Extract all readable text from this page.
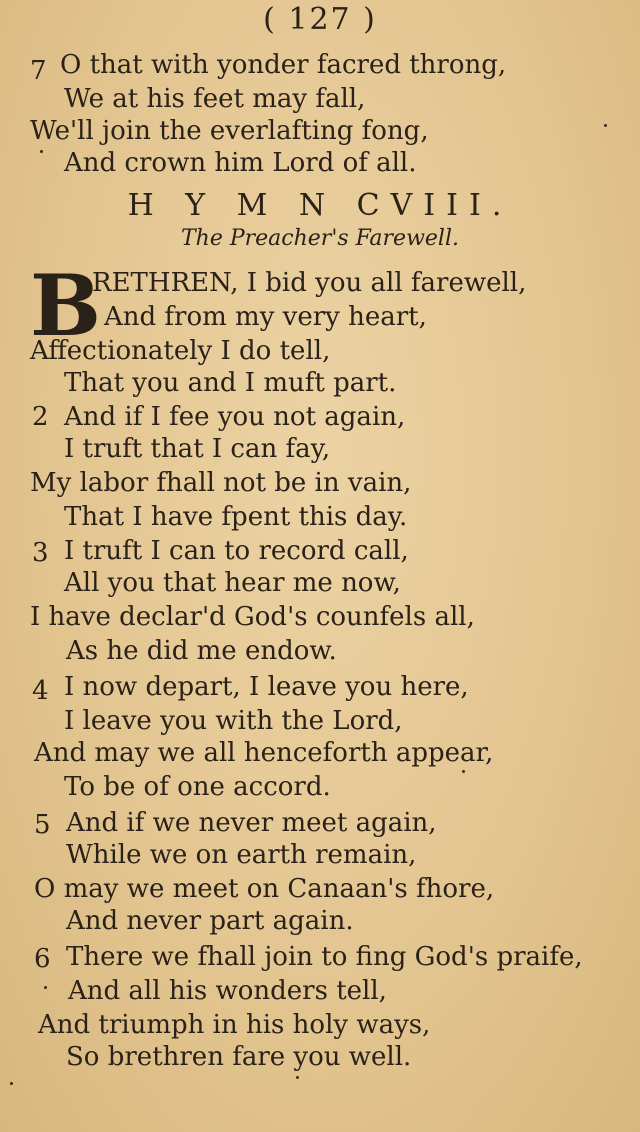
( 127 )
7 O that with yonder facred throng,
We at his feet may fall,
We'll join the everlafting fong,
And crown him Lord of all.
H Y M N CVIII.
The Preacher's Farewell.
B
RETHREN, I bid you all farewell,
And from my very heart,
Affectionately I do tell,
That you and I muft part.
2 And if I fee you not again,
I truft that I can fay,
My labor fhall not be in vain,
That I have fpent this day.
3 I truft I can to record call,
All you that hear me now,
I have declar'd God's counfels all,
As he did me endow.
4 I now depart, I leave you here,
I leave you with the Lord,
And may we all henceforth appear,
To be of one accord.
5 And if we never meet again,
While we on earth remain,
O may we meet on Canaan's fhore,
And never part again.
6 There we fhall join to fing God's praife,
And all his wonders tell,
And triumph in his holy ways,
So brethren fare you well.
